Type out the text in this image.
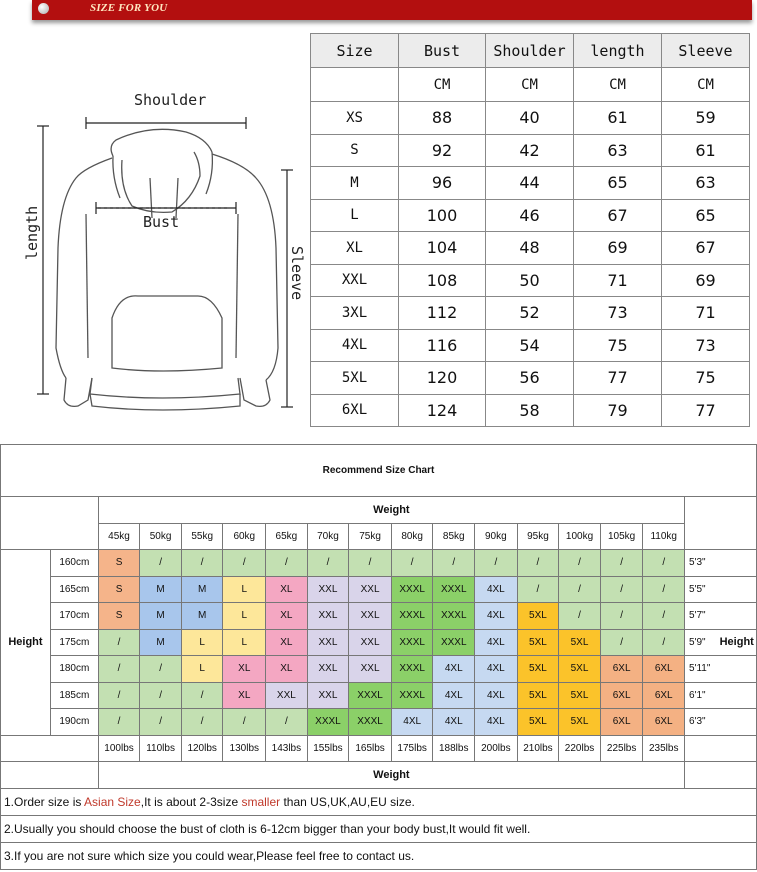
SIZE FOR YOU
Shoulder
length
Sleeve
Bust
Size	Bust	Shoulder	length	Sleeve
	CM	CM	CM	CM
XS	88	40	61	59
S	92	42	63	61
M	96	44	65	63
L	100	46	67	65
XL	104	48	69	67
XXL	108	50	71	69
3XL	112	52	73	71
4XL	116	54	75	73
5XL	120	56	77	75
6XL	124	58	79	77
Recommend Size Chart																
		Weight														
		45kg	50kg	55kg	60kg	65kg	70kg	75kg	80kg	85kg	90kg	95kg	100kg	105kg	110kg	
Height	160cm	S	/	/	/	/	/	/	/	/	/	/	/	/	/	5'3"
	165cm	S	M	M	L	XL	XXL	XXL	XXXL	XXXL	4XL	/	/	/	/	5'5"
	170cm	S	M	M	L	XL	XXL	XXL	XXXL	XXXL	4XL	5XL	/	/	/	5'7"
	175cm	/	M	L	L	XL	XXL	XXL	XXXL	XXXL	4XL	5XL	5XL	/	/	5'9" Height
	180cm	/	/	L	XL	XL	XXL	XXL	XXXL	4XL	4XL	5XL	5XL	6XL	6XL	5'11"
	185cm	/	/	/	XL	XXL	XXL	XXXL	XXXL	4XL	4XL	5XL	5XL	6XL	6XL	6'1"
	190cm	/	/	/	/	/	XXXL	XXXL	4XL	4XL	4XL	5XL	5XL	6XL	6XL	6'3"
		100lbs	110lbs	120lbs	130lbs	143lbs	155lbs	165lbs	175lbs	188lbs	200lbs	210lbs	220lbs	225lbs	235lbs	
		Weight														
1.Order size is Asian Size,It is about 2-3size smaller than US,UK,AU,EU size.																
2.Usually you should choose the bust of cloth is 6-12cm bigger than your body bust,It would fit well.																
3.If you are not sure which size you could wear,Please feel free to contact us.																
